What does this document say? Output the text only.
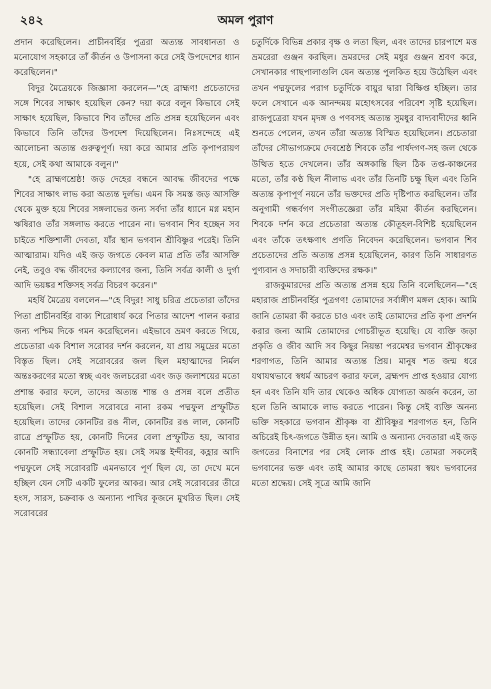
২৪২	অমল পুরাণ

প্রদান করেছিলেন। প্রাচীনবর্হির পুত্ররা অত্যন্ত সাবধানতা ও মনোযোগ সহকারে তাঁ কীর্তন ও উপাসনা করে সেই উপদেশের ধ্যান করেছিলেন।"

বিদুর মৈত্রেয়কে জিজ্ঞাসা করলেন—"হে ব্রাহ্মণ! প্রচেতাদের সঙ্গে শিবের সাক্ষাৎ হয়েছিল কেন? দয়া করে বলুন কিভাবে সেই সাক্ষাৎ হয়েছিল, কিভাবে শিব তাঁদের প্রতি প্রসন্ন হয়েছিলেন এবং কিভাবে তিনি তাঁদের উপদেশ দিয়েছিলেন। নিঃসন্দেহে এই আলোচনা অত্যন্ত গুরুত্বপূর্ণ। দয়া করে আমার প্রতি কৃপাপরায়ণ হয়ে, সেই কথা আমাকে বলুন।"

"হে ব্রাহ্মণশ্রেষ্ঠ! জড় দেহের বন্ধনে আবদ্ধ জীবদের পক্ষে শিবের সাক্ষাৎ লাভ করা অত্যন্ত দুর্লভ। এমন কি সমস্ত জড় আসক্তি থেকে মুক্ত হয়ে শিবের সঙ্গলাভের জন্য সর্বদা তাঁর ধ্যানে মগ্ন মহান ঋষিরাও তাঁর সঙ্গলাভ করতে পারেন না। ভগবান শিব হচ্ছেন সব চাইতে শক্তিশালী দেবতা, যাঁর স্থান ভগবান শ্রীবিষ্ণুর পরেই। তিনি আত্মারাম। যদিও এই জড় জগতে কেবল মাত্র প্রতি তাঁর আসক্তি নেই, তবুও বদ্ধ জীবদের কল্যাণের জন্য, তিনি সর্বত্র কালী ও দুর্গা আদি ভয়ঙ্কর শক্তিসহ সর্বত্র বিচরণ করেন।"

মহর্ষি মৈত্রেয় বললেন—"হে বিদুর! সাধু চরিত্র প্রচেতারা তাঁদের পিতা প্রাচীনবর্হির বাক্য শিরোধার্য করে পিতার আদেশ পালন করার জন্য পশ্চিম দিকে গমন করেছিলেন। এইভাবে ভ্রমণ করতে গিয়ে, প্রচেতারা এক বিশাল সরোবর দর্শন করলেন, যা প্রায় সমুদ্রের মতো বিস্তৃত ছিল। সেই সরোবরের জল ছিল মহাত্মাদের নির্মল অন্তঃকরণের মতো স্বচ্ছ এবং জলচরেরা এবং জড় জলাশয়ের মতো প্রশান্ত করার ফলে, তাদের অত্যন্ত শান্ত ও প্রসন্ন বলে প্রতীত হয়েছিল। সেই বিশাল সরোবরে নানা রকম পদ্মফুল প্রস্ফুটিত হয়েছিল। তাদের কোনটির রঙ নীল, কোনটির রঙ লাল, কোনটি রাত্রে প্রস্ফুটিত হয়, কোনটি দিনের বেলা প্রস্ফুটিত হয়, আবার কোনটি সন্ধ্যাবেলা প্রস্ফুটিত হয়। সেই সমস্ত ইন্দীবর, কহ্লার আদি পদ্মফুলে সেই সরোবরটি এমনভাবে পূর্ণ ছিল যে, তা দেখে মনে হচ্ছিল যেন সেটি একটি ফুলের আকর। আর সেই সরোবরের তীরে হংস, সারস, চক্রবাক ও অন্যান্য পাখির কূজনে মুখরিত ছিল। সেই সরোবরের

চতুর্দিকে বিভিন্ন প্রকার বৃক্ষ ও লতা ছিল, এবং তাদের চারপাশে মত্ত ভ্রমরেরা গুঞ্জন করছিল। ভ্রমরদের সেই মধুর গুঞ্জন শ্রবণ করে, সেখানকার গাছপালাগুলি যেন অত্যন্ত পুলকিত হয়ে উঠেছিল এবং তখন পদ্মফুলের পরাগ চতুর্দিকে বায়ুর দ্বারা বিক্ষিপ্ত হচ্ছিল। তার ফলে সেখানে এক আনন্দময় মহোৎসবের পরিবেশ সৃষ্টি হয়েছিল। রাজপুত্রেরা যখন মৃদঙ্গ ও পণবসহ অত্যন্ত সুমধুর বাদ্যবাদীদের ধ্বনি শুনতে পেলেন, তখন তাঁরা অত্যন্ত বিস্মিত হয়েছিলেন। প্রচেতারা তাঁদের সৌভাগ্যক্রমে দেবশ্রেষ্ঠ শিবকে তাঁর পার্ষদগণ-সহ জল থেকে উত্থিত হতে দেখলেন। তাঁর অঙ্গকান্তি ছিল ঠিক তপ্ত-কাঞ্চনের মতো, তাঁর কণ্ঠ ছিল নীলাভ এবং তাঁর তিনটি চক্ষু ছিল এবং তিনি অত্যন্ত কৃপাপূর্ণ নয়নে তাঁর ভক্তদের প্রতি দৃষ্টিপাত করছিলেন। তাঁর অনুগামী গন্ধর্বগণ সংগীতজ্ঞেরা তাঁর মহিমা কীর্তন করছিলেন। শিবকে দর্শন করে প্রচেতারা অত্যন্ত কৌতূহল-বিশিষ্ট হয়েছিলেন এবং তাঁকে তৎক্ষণাৎ প্রণতি নিবেদন করেছিলেন। ভগবান শিব প্রচেতাদের প্রতি অত্যন্ত প্রসন্ন হয়েছিলেন, কারণ তিনি সাধারণত পুণ্যবান ও সদাচারী ব্যক্তিদের রক্ষক।"

রাজকুমারদের প্রতি অত্যন্ত প্রসন্ন হয়ে তিনি বলেছিলেন—"হে মহারাজ প্রাচীনবর্হির পুত্রগণ! তোমাদের সর্বাঙ্গীণ মঙ্গল হোক। আমি জানি তোমরা কী করতে চাও এবং তাই তোমাদের প্রতি কৃপা প্রদর্শন করার জন্য আমি তোমাদের গোচরীভূত হয়েছি। যে ব্যক্তি জড়া প্রকৃতি ও জীব আদি সব কিছুর নিয়ন্তা পরমেশ্বর ভগবান শ্রীকৃষ্ণের শরণাগত, তিনি আমার অত্যন্ত প্রিয়। মানুষ শত জন্ম ধরে যথাযথভাবে স্বধর্ম আচরণ করার ফলে, ব্রহ্মপদ প্রাপ্ত হওয়ার যোগ্য হন এবং তিনি যদি তার থেকেও অধিক যোগ্যতা অর্জন করেন, তা হলে তিনি আমাকে লাভ করতে পারেন। কিন্তু সেই ব্যক্তি অনন্য ভক্তি সহকারে ভগবান শ্রীকৃষ্ণ বা শ্রীবিষ্ণুর শরণাগত হন, তিনি অচিরেই চিৎ-জগতে উন্নীত হন। আমি ও অন্যান্য দেবতারা এই জড় জগতের বিনাশের পর সেই লোক প্রাপ্ত হই। তোমরা সকলেই ভগবানের ভক্ত এবং তাই আমার কাছে তোমরা স্বয়ং ভগবানের মতো শ্রদ্ধেয়। সেই সূত্রে আমি জানি
